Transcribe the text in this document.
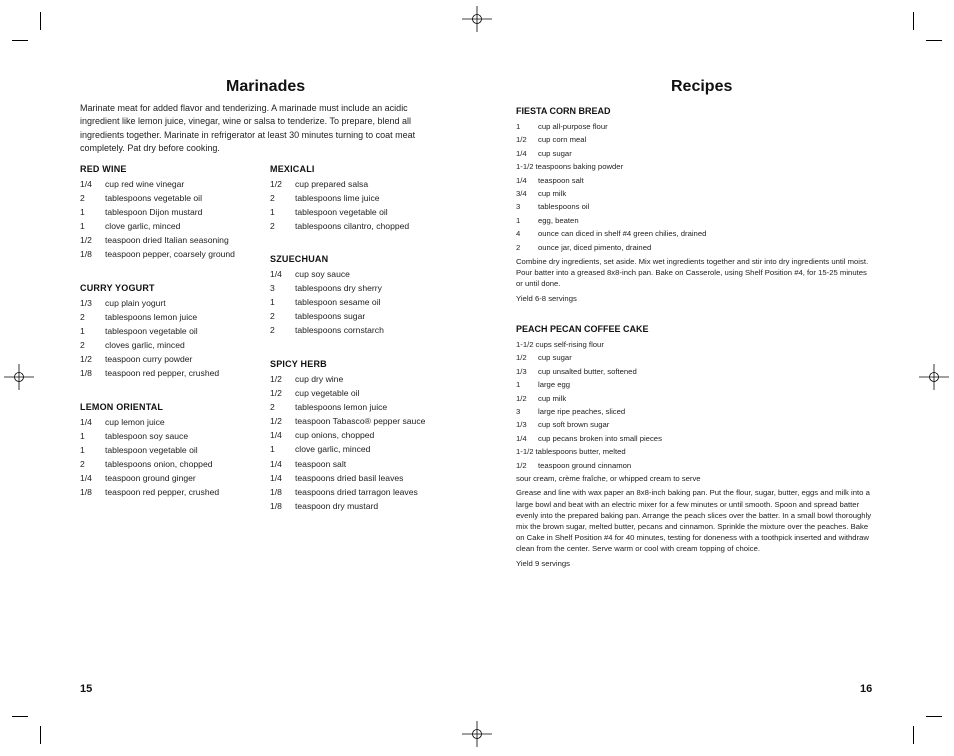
Marinades
Marinate meat for added flavor and tenderizing. A marinade must include an acidic ingredient like lemon juice, vinegar, wine or salsa to tenderize. To prepare, blend all ingredients together. Marinate in refrigerator at least 30 minutes turning to coat meat completely. Pat dry before cooking.
RED WINE
1/4	cup red wine vinegar
2	tablespoons vegetable oil
1	tablespoon Dijon mustard
1	clove garlic, minced
1/2	teaspoon dried Italian seasoning
1/8	teaspoon pepper, coarsely ground
CURRY YOGURT
1/3	cup plain yogurt
2	tablespoons lemon juice
1	tablespoon vegetable oil
2	cloves garlic, minced
1/2	teaspoon curry powder
1/8	teaspoon red pepper, crushed
LEMON ORIENTAL
1/4	cup lemon juice
1	tablespoon soy sauce
1	tablespoon vegetable oil
2	tablespoons onion, chopped
1/4	teaspoon ground ginger
1/8	teaspoon red pepper, crushed
MEXICALI
1/2	cup prepared salsa
2	tablespoons lime juice
1	tablespoon vegetable oil
2	tablespoons cilantro, chopped
SZUECHUAN
1/4	cup soy sauce
3	tablespoons dry sherry
1	tablespoon sesame oil
2	tablespoons sugar
2	tablespoons cornstarch
SPICY HERB
1/2	cup dry wine
1/2	cup vegetable oil
2	tablespoons lemon juice
1/2	teaspoon Tabasco® pepper sauce
1/4	cup onions, chopped
1	clove garlic, minced
1/4	teaspoon salt
1/4	teaspoons dried basil leaves
1/8	teaspoons dried tarragon leaves
1/8	teaspoon dry mustard
15
Recipes
FIESTA CORN BREAD
1	cup all-purpose flour
1/2	cup corn meal
1/4	cup sugar
1-1/2 teaspoons baking powder
1/4	teaspoon salt
3/4	cup milk
3	tablespoons oil
1	egg, beaten
4	ounce can diced in shelf #4 green chilies, drained
2	ounce jar, diced pimento, drained
Combine dry ingredients, set aside. Mix wet ingredients together and stir into dry ingredients until moist. Pour batter into a greased 8x8-inch pan. Bake on Casserole, using Shelf Position #4, for 15-25 minutes or until done.
Yield 6-8 servings
PEACH PECAN COFFEE CAKE
1-1/2 cups self-rising flour
1/2	cup sugar
1/3	cup unsalted butter, softened
1	large egg
1/2	cup milk
3	large ripe peaches, sliced
1/3	cup soft brown sugar
1/4	cup pecans broken into small pieces
1-1/2 tablespoons butter, melted
1/2	teaspoon ground cinnamon
sour cream, crème fraîche, or whipped cream to serve
Grease and line with wax paper an 8x8-inch baking pan. Put the flour, sugar, butter, eggs and milk into a large bowl and beat with an electric mixer for a few minutes or until smooth. Spoon and spread batter evenly into the prepared baking pan. Arrange the peach slices over the batter. In a small bowl thoroughly mix the brown sugar, melted butter, pecans and cinnamon. Sprinkle the mixture over the peaches. Bake on Cake in Shelf Position #4 for 40 minutes, testing for doneness with a toothpick inserted and withdraw clean from the center. Serve warm or cool with cream topping of choice.
Yield 9 servings
16
